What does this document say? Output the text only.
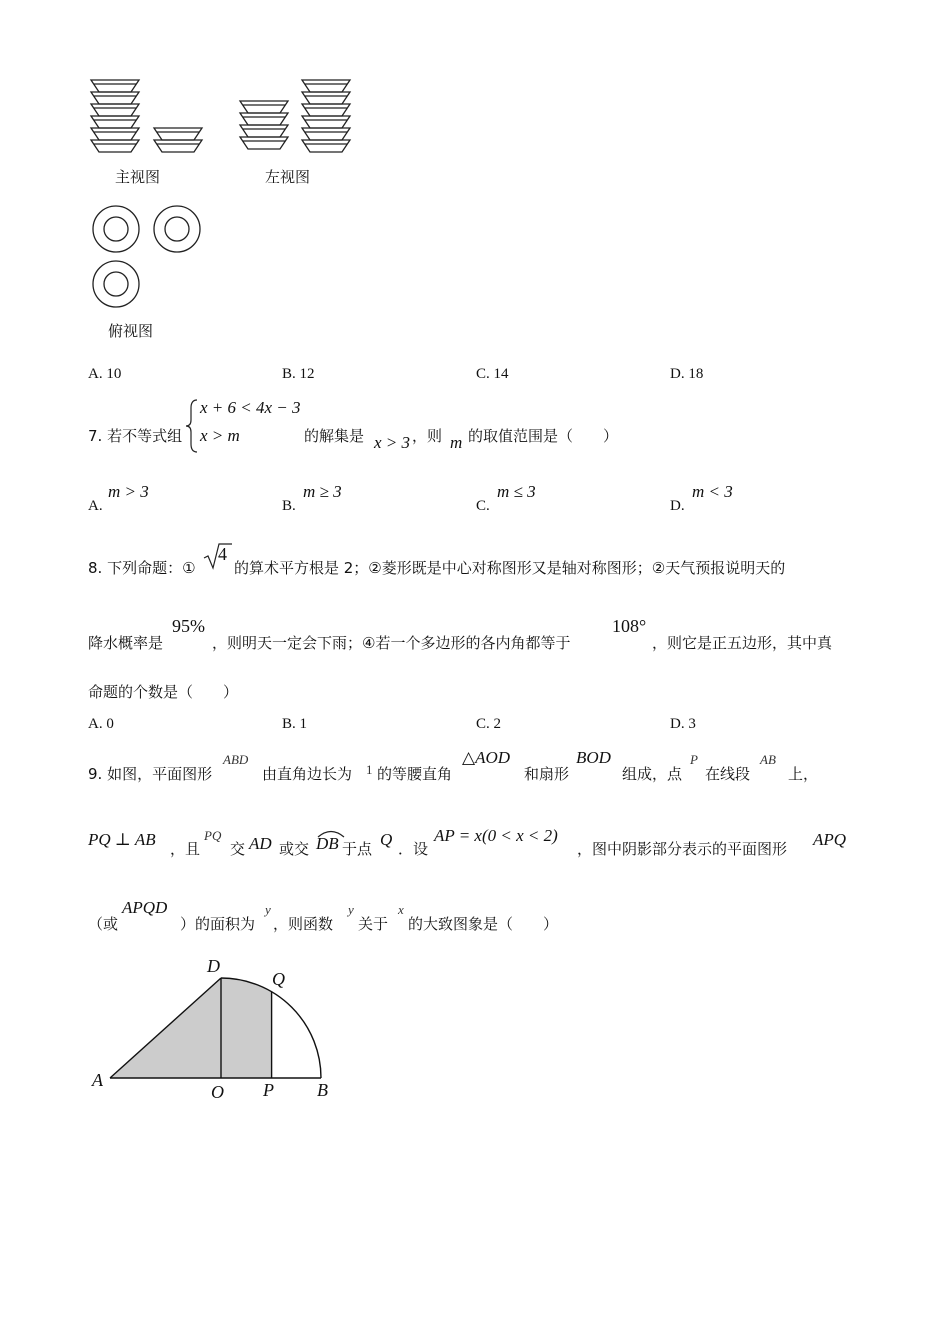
主视图	左视图
俯视图
A. 10	B. 12	C. 14	D. 18
7. 若不等式组
x + 6 < 4x − 3
x > m	的解集是 x > 3 ，则 m 的取值范围是（　　）
A.
m > 3
B.
m ≥ 3
C.
m ≤ 3
D.
m < 3
8. 下列命题：①
4
的算术平方根是 2；②菱形既是中心对称图形又是轴对称图形；②天气预报说明天的
降水概率是
95%
，则明天一定会下雨；④若一个多边形的各内角都等于
108°
，则它是正五边形，其中真
命题的个数是（　　）
A. 0	B. 1	C. 2	D. 3
9. 如图，平面图形
ABD
由直角边长为 1 的等腰直角
△AOD
和扇形
BOD
组成，点
P
在线段
AB
上，
PQ ⊥ AB ，且
PQ
交 AD 或交 DB 于点 Q ．设
AP = x(0 < x < 2)
，图中阴影部分表示的平面图形 APQ
（或
APQD
）的面积为
y
，则函数
y
关于
x
的大致图象是（　　）
A
D
Q
O P B
